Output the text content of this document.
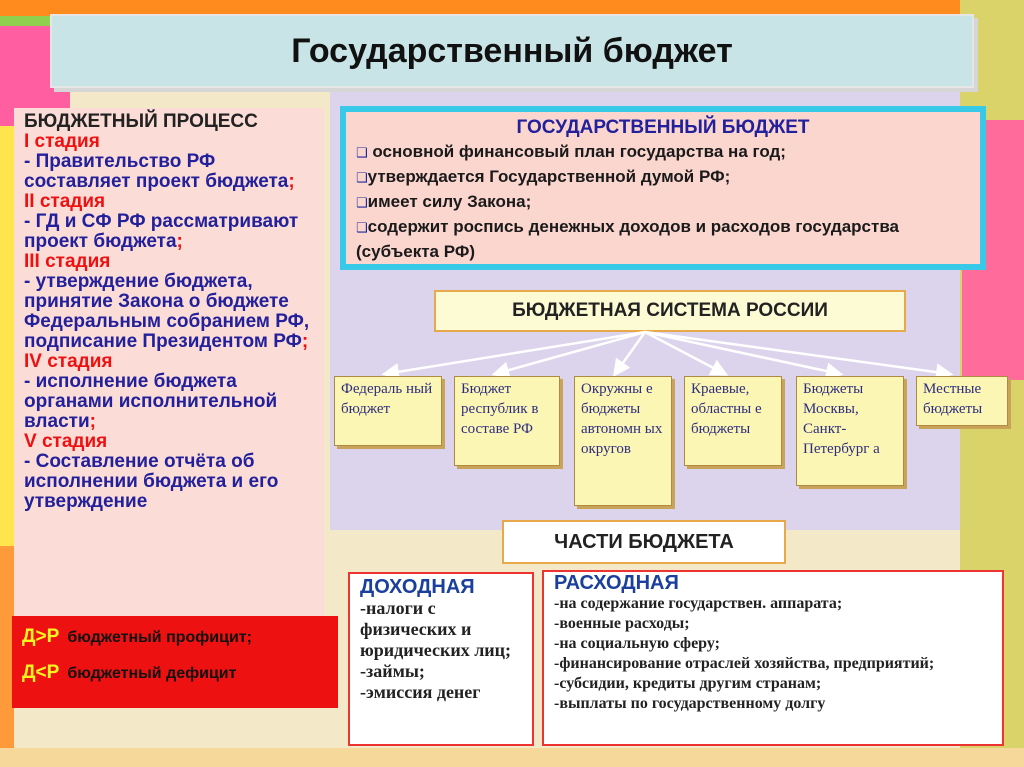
Государственный бюджет
БЮДЖЕТНЫЙ ПРОЦЕСС
I стадия
- Правительство РФ составляет проект бюджета;
II стадия
- ГД и СФ РФ рассматривают проект бюджета;
III стадия
- утверждение бюджета, принятие Закона о бюджете Федеральным собранием РФ, подписание Президентом РФ;
IV стадия
- исполнение бюджета органами исполнительной власти;
V стадия
- Составление отчёта об исполнении бюджета и его утверждение
Д>Р бюджетный профицит;
Д<Р бюджетный дефицит
ГОСУДАРСТВЕННЫЙ БЮДЖЕТ
❑ основной финансовый план государства на год;
❑утверждается Государственной думой РФ;
❑имеет силу Закона;
❑содержит роспись денежных доходов и расходов государства (субъекта РФ)
БЮДЖЕТНАЯ СИСТЕМА РОССИИ
Федераль ный бюджет
Бюджет республик в составе РФ
Окружны е бюджеты автономн ых округов
Краевые, областны е бюджеты
Бюджеты Москвы, Санкт-Петербург а
Местные бюджеты
ЧАСТИ БЮДЖЕТА
ДОХОДНАЯ
-налоги с физических и юридических лиц;
-займы;
-эмиссия денег
РАСХОДНАЯ
-на содержание государствен. аппарата;
-военные расходы;
-на социальную сферу;
-финансирование отраслей хозяйства, предприятий;
-субсидии, кредиты другим странам;
-выплаты по государственному долгу
